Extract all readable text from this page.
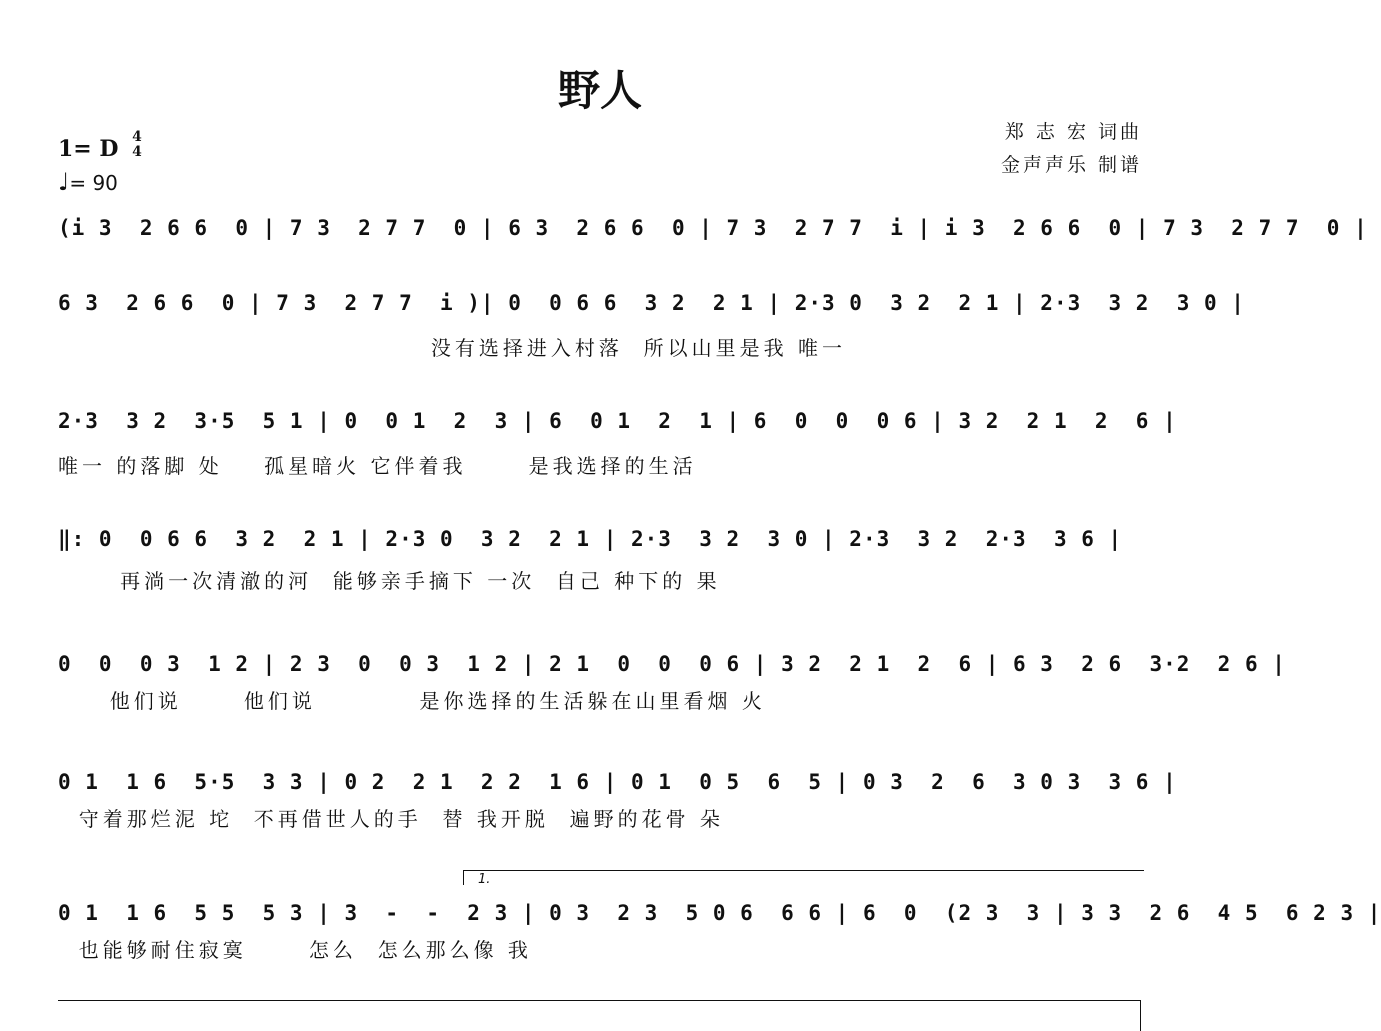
野人
郑 志 宏 词曲
金声声乐 制谱
1= D 4
4
♩= 90
(i 3  2 6 6  0 | 7 3  2 7 7  0 | 6 3  2 6 6  0 | 7 3  2 7 7  i | i 3  2 6 6  0 | 7 3  2 7 7  0 |
6 3  2 6 6  0 | 7 3  2 7 7  i )| 0  0 6 6  3 2  2 1 | 2·3 0  3 2  2 1 | 2·3  3 2  3 0 |
没有选择进入村落  所以山里是我 唯一
2·3  3 2  3·5  5 1 | 0  0 1  2  3 | 6  0 1  2  1 | 6  0  0  0 6 | 3 2  2 1  2  6 |
唯一 的落脚 处    孤星暗火 它伴着我      是我选择的生活
‖: 0  0 6 6  3 2  2 1 | 2·3 0  3 2  2 1 | 2·3  3 2  3 0 | 2·3  3 2  2·3  3 6 |
再淌一次清澈的河  能够亲手摘下 一次  自己 种下的 果
0  0  0 3  1 2 | 2 3  0  0 3  1 2 | 2 1  0  0  0 6 | 3 2  2 1  2  6 | 6 3  2 6  3·2  2 6 |
他们说      他们说          是你选择的生活躲在山里看烟 火
0 1  1 6  5·5  3 3 | 0 2  2 1  2 2  1 6 | 0 1  0 5  6  5 | 0 3  2  6  3 0 3  3 6 |
守着那烂泥 坨  不再借世人的手  替 我开脱  遍野的花骨 朵
1.
0 1  1 6  5 5  5 3 | 3  -  -  2 3 | 0 3  2 3  5 0 6  6 6 | 6  0  (2 3  3 | 3 3  2 6  4 5  6 2 3 |
也能够耐住寂寞      怎么  怎么那么像 我
